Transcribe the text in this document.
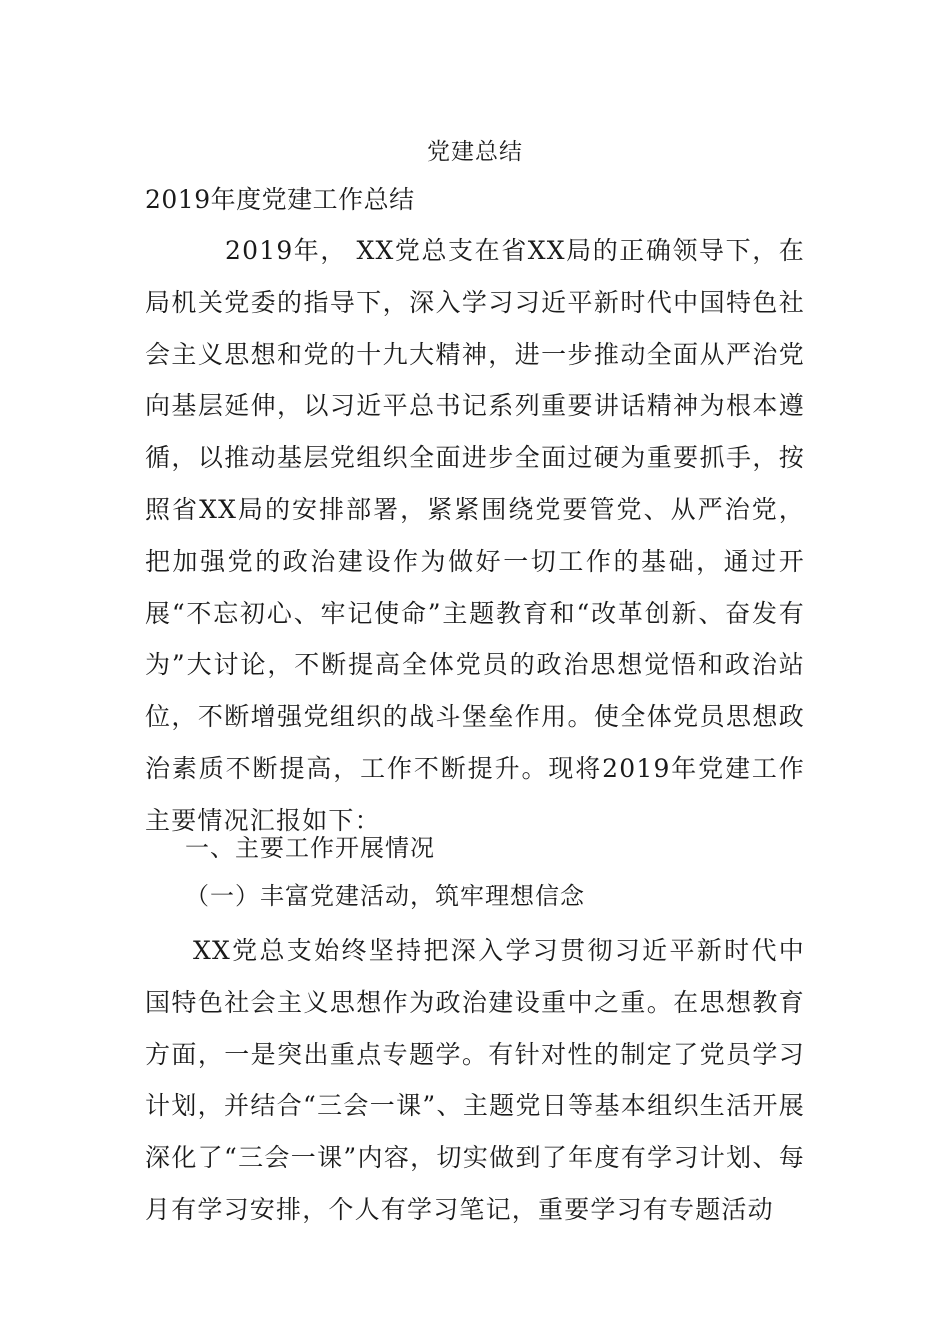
党建总结
2019年度党建工作总结

2019年， XX党总支在省XX局的正确领导下，在局机关党委的指导下，深入学习习近平新时代中国特色社会主义思想和党的十九大精神，进一步推动全面从严治党向基层延伸，以习近平总书记系列重要讲话精神为根本遵循，以推动基层党组织全面进步全面过硬为重要抓手，按照省XX局的安排部署，紧紧围绕党要管党、从严治党，把加强党的政治建设作为做好一切工作的基础，通过开展“不忘初心、牢记使命”主题教育和“改革创新、奋发有为”大讨论，不断提高全体党员的政治思想觉悟和政治站位，不断增强党组织的战斗堡垒作用。使全体党员思想政治素质不断提高，工作不断提升。现将2019年党建工作主要情况汇报如下：

一、主要工作开展情况
（一）丰富党建活动，筑牢理想信念

XX党总支始终坚持把深入学习贯彻习近平新时代中国特色社会主义思想作为政治建设重中之重。在思想教育方面，一是突出重点专题学。有针对性的制定了党员学习计划，并结合“三会一课”、主题党日等基本组织生活开展深化了“三会一课”内容，切实做到了年度有学习计划、每月有学习安排，个人有学习笔记，重要学习有专题活动
